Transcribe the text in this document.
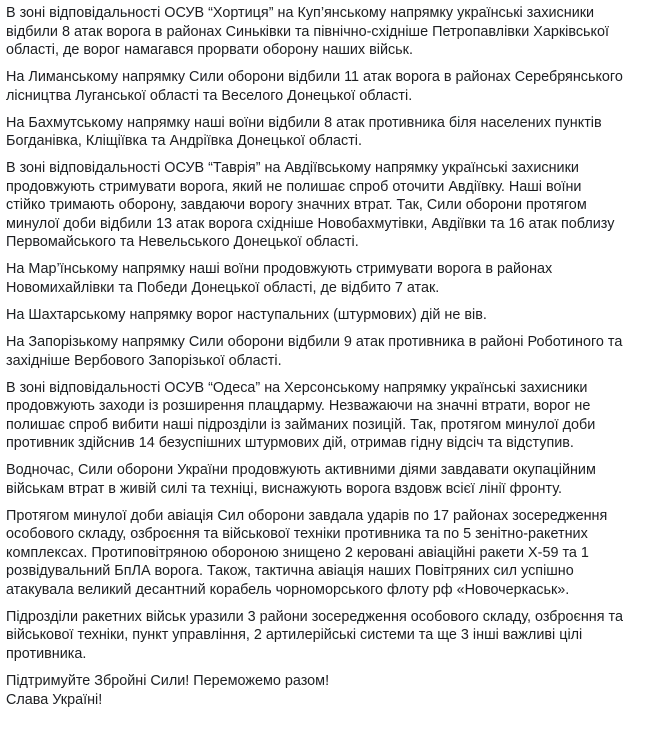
В зоні відповідальності ОСУВ “Хортиця” на Куп’янському напрямку українські захисники
відбили 8 атак ворога в районах Синьківки та північно-східніше Петропавлівки Харківської
області, де ворог намагався прорвати оборону наших військ.

На Лиманському напрямку Сили оборони відбили 11 атак ворога в районах Серебрянського
лісництва Луганської області та Веселого Донецької області.

На Бахмутському напрямку наші воїни відбили 8 атак противника біля населених пунктів
Богданівка, Кліщіївка та Андріївка Донецької області.

В зоні відповідальності ОСУВ “Таврія” на Авдіївському напрямку українські захисники
продовжують стримувати ворога, який не полишає спроб оточити Авдіївку. Наші воїни
стійко тримають оборону, завдаючи ворогу значних втрат. Так, Сили оборони протягом
минулої доби відбили 13 атак ворога східніше Новобахмутівки, Авдіївки та 16 атак поблизу
Первомайського та Невельського Донецької області.

На Мар’їнському напрямку наші воїни продовжують стримувати ворога в районах
Новомихайлівки та Победи Донецької області, де відбито 7 атак.

На Шахтарському напрямку ворог наступальних (штурмових) дій не вів.

На Запорізькому напрямку Сили оборони відбили 9 атак противника в районі Роботиного та
західніше Вербового Запорізької області.

В зоні відповідальності ОСУВ “Одеса” на Херсонському напрямку українські захисники
продовжують заходи із розширення плацдарму. Незважаючи на значні втрати, ворог не
полишає спроб вибити наші підрозділи із займаних позицій. Так, протягом минулої доби
противник здійснив 14 безуспішних штурмових дій, отримав гідну відсіч та відступив.

Водночас, Сили оборони України продовжують активними діями завдавати окупаційним
військам втрат в живій силі та техніці, виснажують ворога вздовж всієї лінії фронту.

Протягом минулої доби авіація Сил оборони завдала ударів по 17 районах зосередження
особового складу, озброєння та військової техніки противника та по 5 зенітно-ракетних
комплексах. Протиповітряною обороною знищено 2 керовані авіаційні ракети Х-59 та 1
розвідувальний БпЛА ворога. Також, тактична авіація наших Повітряних сил успішно
атакувала великий десантний корабель чорноморського флоту рф «Новочеркаськ».

Підрозділи ракетних військ уразили 3 райони зосередження особового складу, озброєння та
військової техніки, пункт управління, 2 артилерійські системи та ще 3 інші важливі цілі
противника.

Підтримуйте Збройні Сили! Переможемо разом!
Слава Україні!
